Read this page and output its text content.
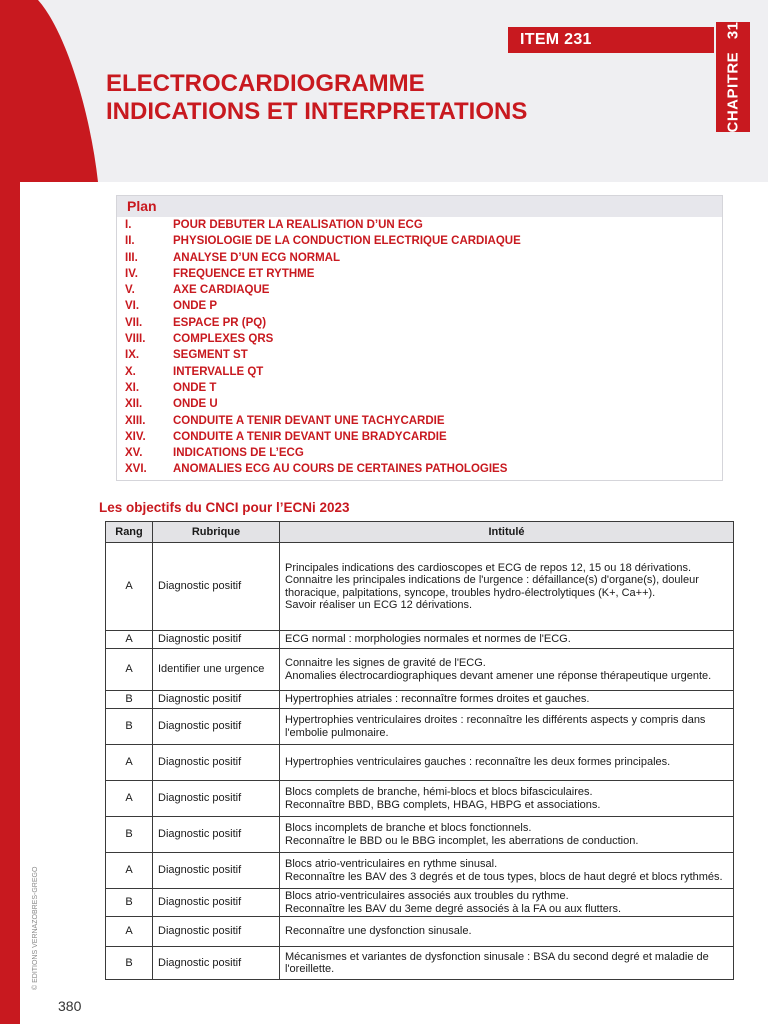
ITEM 231
CHAPITRE 31
ELECTROCARDIOGRAMME
INDICATIONS ET INTERPRETATIONS
Plan
I.	POUR DEBUTER LA REALISATION D’UN ECG
II.	PHYSIOLOGIE DE LA CONDUCTION ELECTRIQUE CARDIAQUE
III.	ANALYSE D’UN ECG NORMAL
IV.	FREQUENCE ET RYTHME
V.	AXE CARDIAQUE
VI.	ONDE P
VII.	ESPACE PR (PQ)
VIII.	COMPLEXES QRS
IX.	SEGMENT ST
X.	INTERVALLE QT
XI.	ONDE T
XII.	ONDE U
XIII.	CONDUITE A TENIR DEVANT UNE TACHYCARDIE
XIV.	CONDUITE A TENIR DEVANT UNE BRADYCARDIE
XV.	INDICATIONS DE L’ECG
XVI.	ANOMALIES ECG AU COURS DE CERTAINES PATHOLOGIES
Les objectifs du CNCI pour l’ECNi 2023
Rang	Rubrique	Intitulé
A	Diagnostic positif	Principales indications des cardioscopes et ECG de repos 12, 15 ou 18 dérivations.
Connaitre les principales indications de l'urgence : défaillance(s) d'organe(s), douleur thoracique, palpitations, syncope, troubles hydro-électrolytiques (K+, Ca++).
Savoir réaliser un ECG 12 dérivations.
A	Diagnostic positif	ECG normal : morphologies normales et normes de l'ECG.
A	Identifier une urgence	Connaitre les signes de gravité de l'ECG.
Anomalies électrocardiographiques devant amener une réponse thérapeutique urgente.
B	Diagnostic positif	Hypertrophies atriales : reconnaître formes droites et gauches.
B	Diagnostic positif	Hypertrophies ventriculaires droites : reconnaître les différents aspects y compris dans l'embolie pulmonaire.
A	Diagnostic positif	Hypertrophies ventriculaires gauches : reconnaître les deux formes principales.
A	Diagnostic positif	Blocs complets de branche, hémi-blocs et blocs bifasciculaires.
Reconnaître BBD, BBG complets, HBAG, HBPG et associations.
B	Diagnostic positif	Blocs incomplets de branche et blocs fonctionnels.
Reconnaître le BBD ou le BBG incomplet, les aberrations de conduction.
A	Diagnostic positif	Blocs atrio-ventriculaires en rythme sinusal.
Reconnaître les BAV des 3 degrés et de tous types, blocs de haut degré et blocs rythmés.
B	Diagnostic positif	Blocs atrio-ventriculaires associés aux troubles du rythme.
Reconnaître les BAV du 3eme degré associés à la FA ou aux flutters.
A	Diagnostic positif	Reconnaître une dysfonction sinusale.
B	Diagnostic positif	Mécanismes et variantes de dysfonction sinusale : BSA du second degré et maladie de l'oreillette.
© EDITIONS VERNAZOBRES-GREGO
380
